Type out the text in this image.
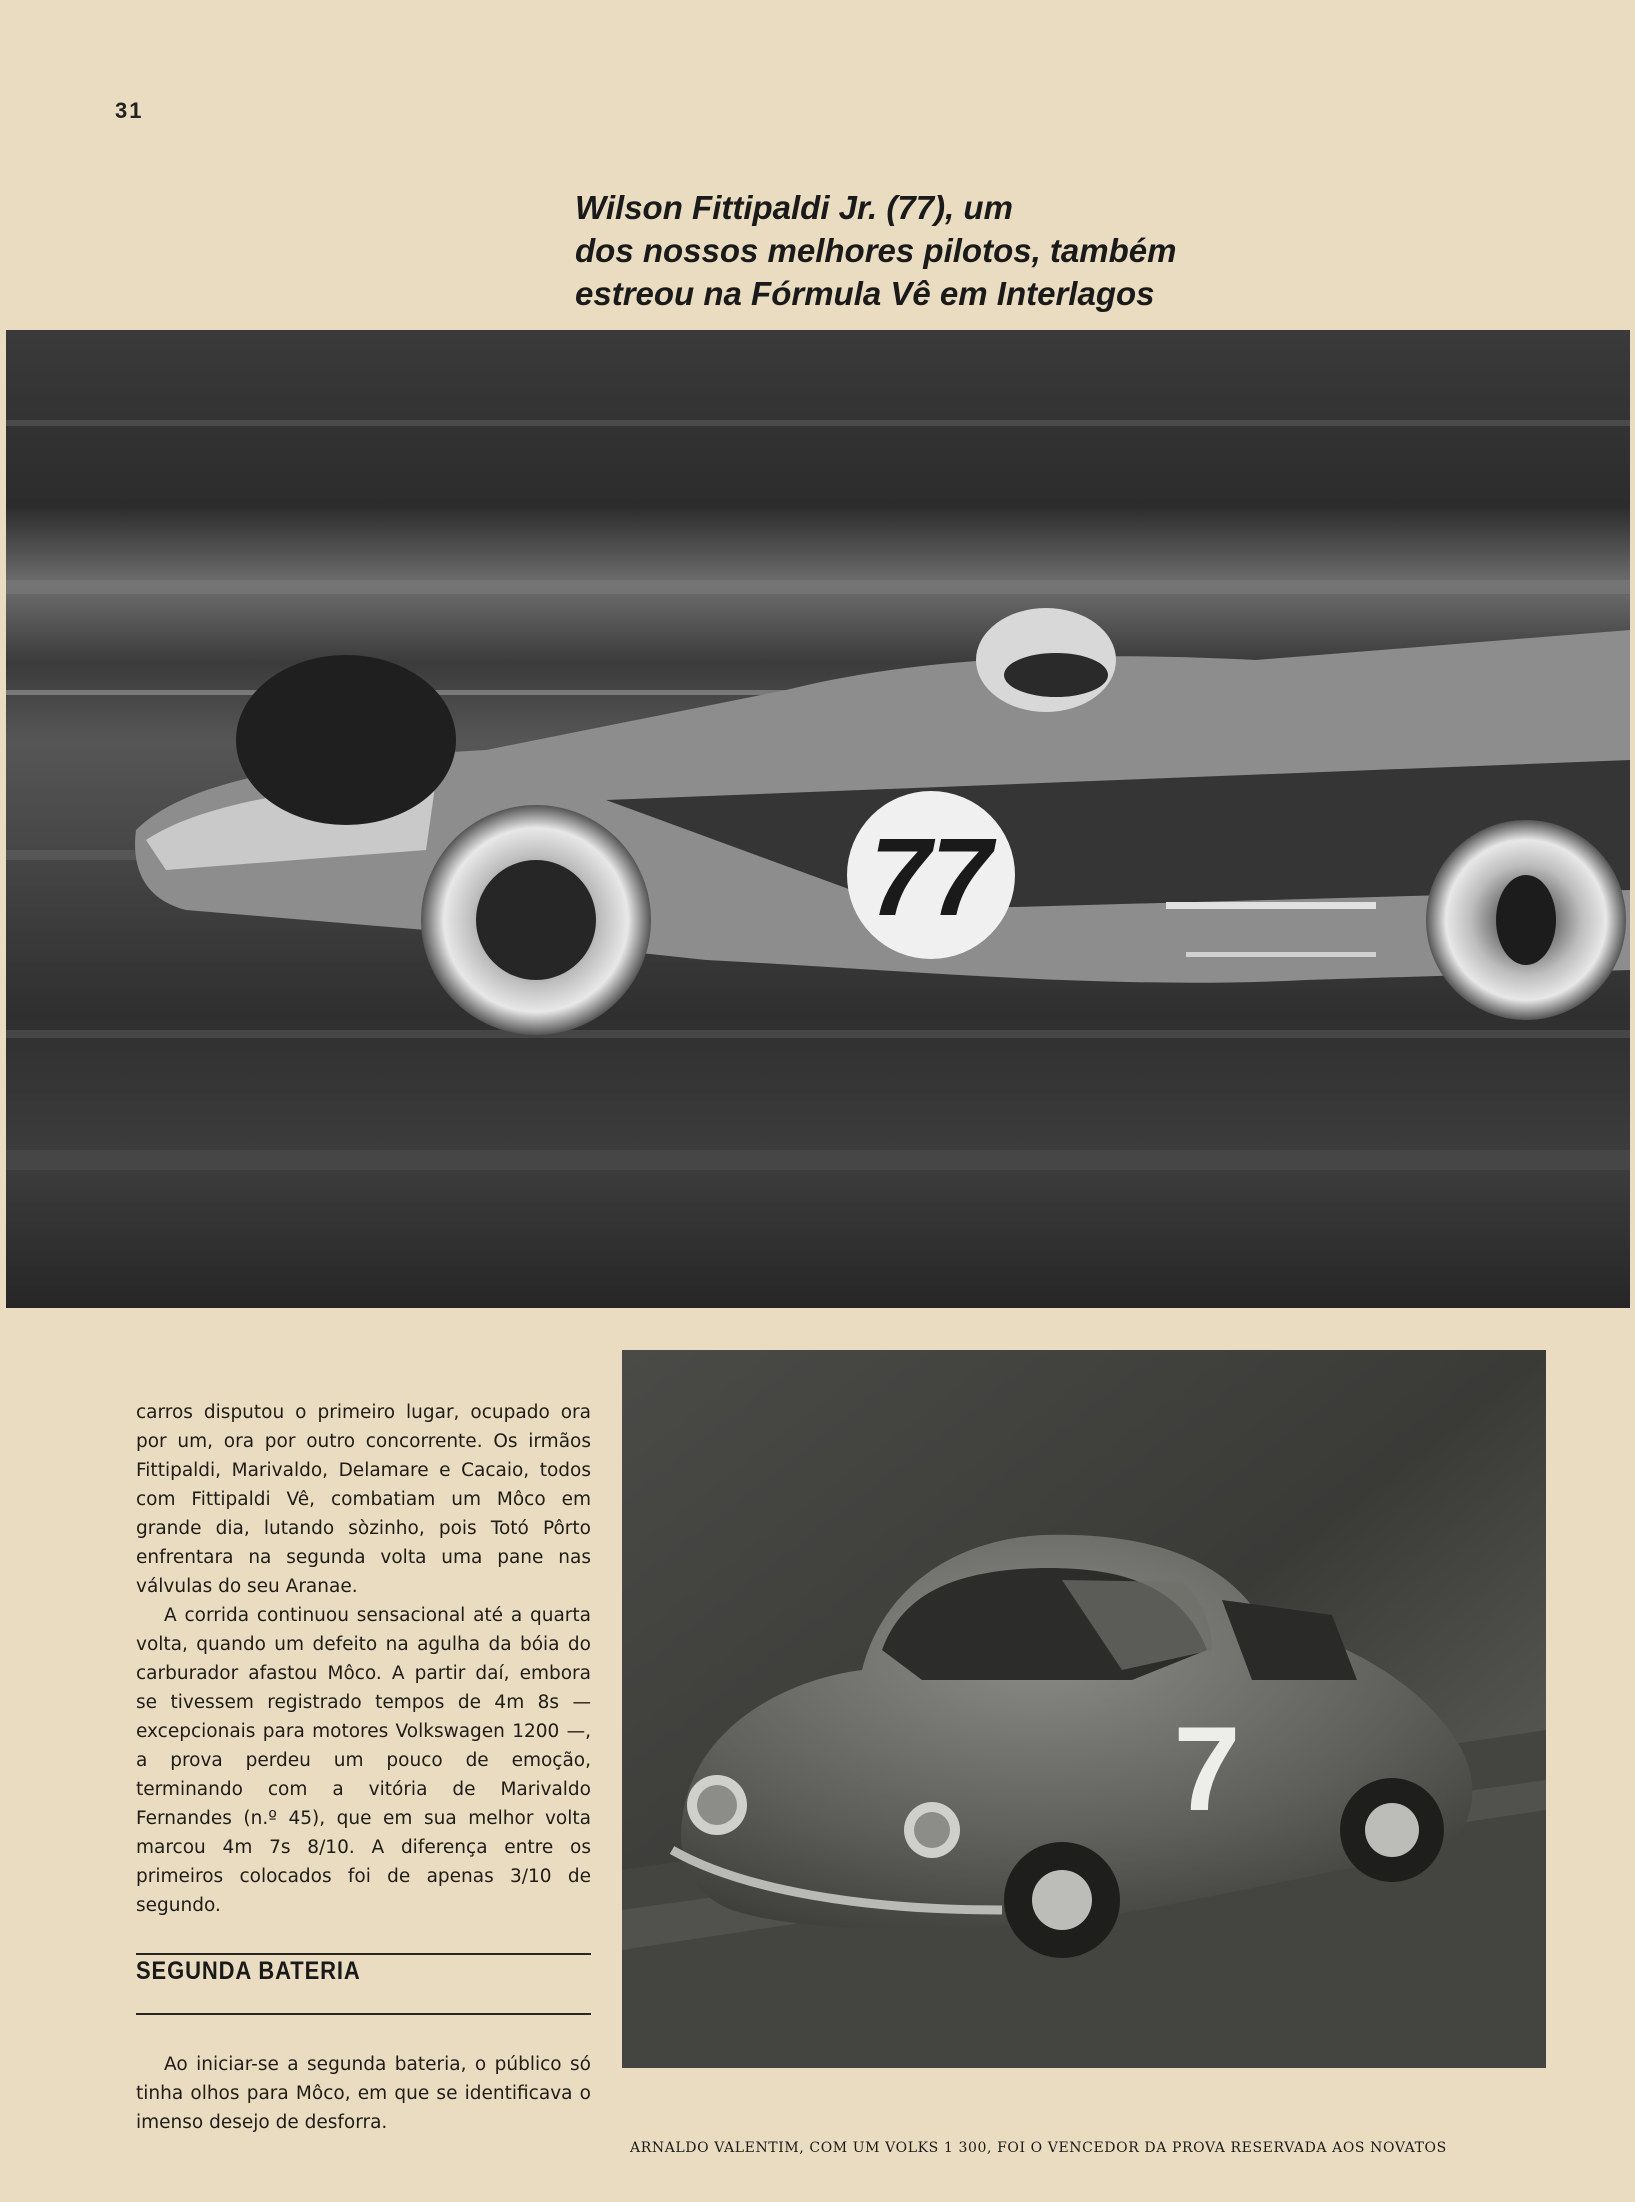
31
Wilson Fittipaldi Jr. (77), um
dos nossos melhores pilotos, também
estreou na Fórmula Vê em Interlagos
77

carros disputou o primeiro lugar, ocupado ora por um, ora por outro concorrente. Os irmãos Fittipaldi, Marivaldo, Delamare e Cacaio, todos com Fittipaldi Vê, combatiam um Môco em grande dia, lutando sòzinho, pois Totó Pôrto enfrentara na segunda volta uma pane nas válvulas do seu Aranae.

A corrida continuou sensacional até a quarta volta, quando um defeito na agulha da bóia do carburador afastou Môco. A partir daí, embora se tivessem registrado tempos de 4m 8s — excepcionais para motores Volkswagen 1200 —, a prova perdeu um pouco de emoção, terminando com a vitória de Marivaldo Fernandes (n.º 45), que em sua melhor volta marcou 4m 7s 8/10. A diferença entre os primeiros colocados foi de apenas 3/10 de segundo.

SEGUNDA BATERIA

Ao iniciar-se a segunda bateria, o público só tinha olhos para Môco, em que se identificava o imenso desejo de desforra.

7
ARNALDO VALENTIM, COM UM VOLKS 1 300, FOI O VENCEDOR DA PROVA RESERVADA AOS NOVATOS
